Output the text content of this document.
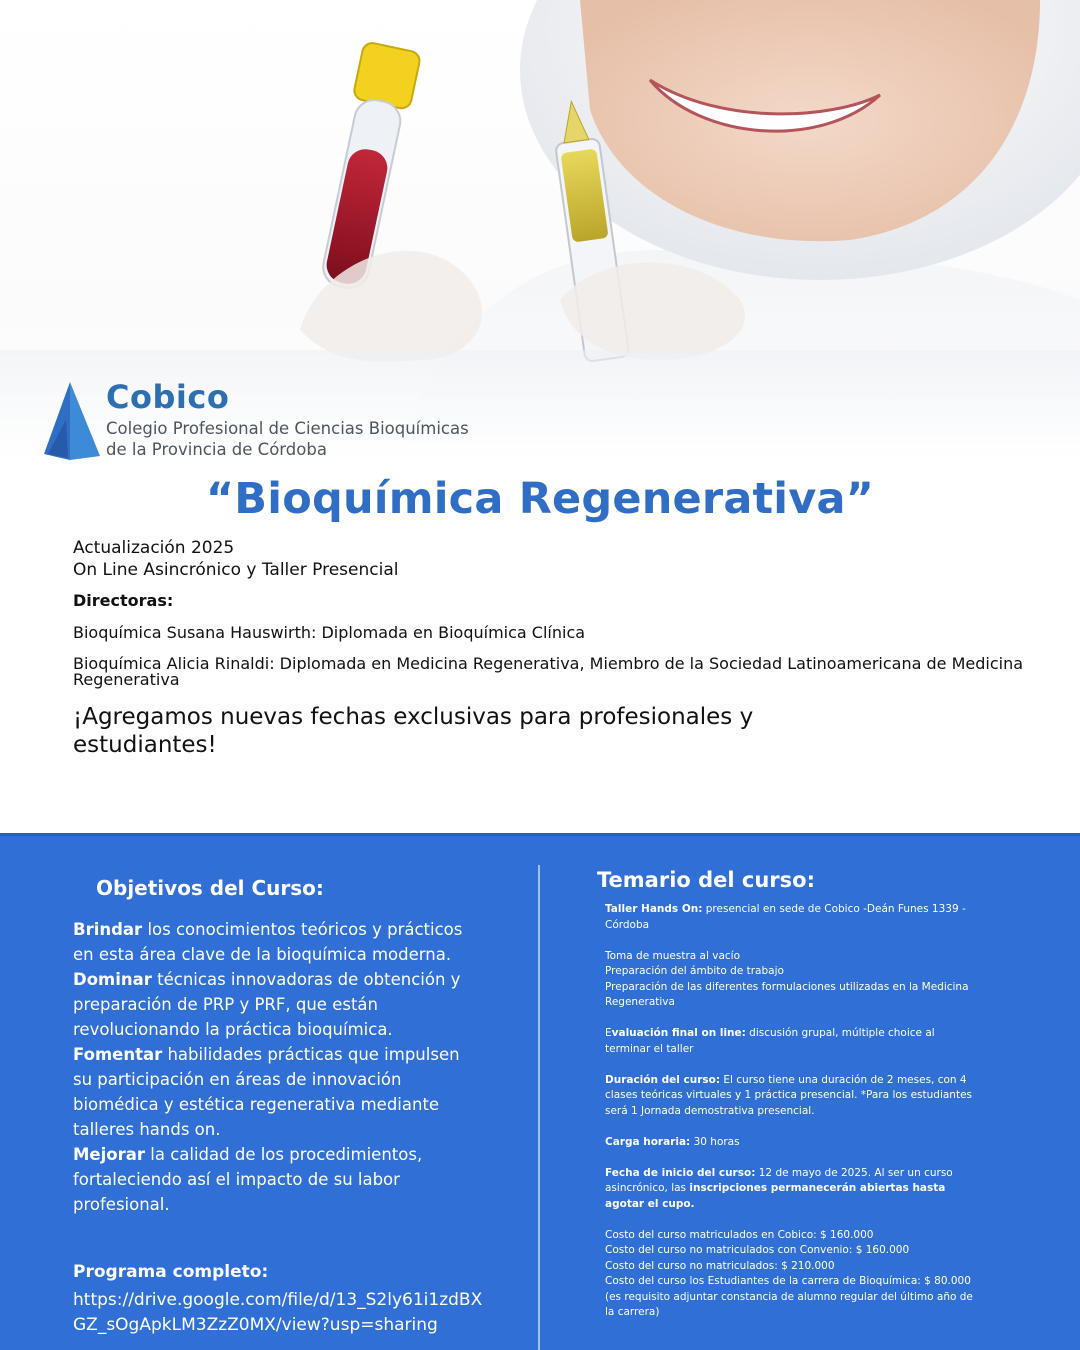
Cobico
Colegio Profesional de Ciencias Bioquímicas
de la Provincia de Córdoba
“Bioquímica Regenerativa”
Actualización 2025
On Line Asincrónico y Taller Presencial
Directoras:
Bioquímica Susana Hauswirth: Diplomada en Bioquímica Clínica
Bioquímica Alicia Rinaldi: Diplomada en Medicina Regenerativa, Miembro de la Sociedad Latinoamericana de Medicina Regenerativa
¡Agregamos nuevas fechas exclusivas para profesionales y estudiantes!
Objetivos del Curso:
Brindar los conocimientos teóricos y prácticos en esta área clave de la bioquímica moderna.
Dominar técnicas innovadoras de obtención y preparación de PRP y PRF, que están revolucionando la práctica bioquímica.
Fomentar habilidades prácticas que impulsen su participación en áreas de innovación biomédica y estética regenerativa mediante talleres hands on.
Mejorar la calidad de los procedimientos, fortaleciendo así el impacto de su labor profesional.
Programa completo:
https://drive.google.com/file/d/13_S2ly61i1zdBXGZ_sOgApkLM3ZzZ0MX/view?usp=sharing
Temario del curso:

Taller Hands On: presencial en sede de Cobico -Deán Funes 1339 - Córdoba

Toma de muestra al vacío
Preparación del ámbito de trabajo
Preparación de las diferentes formulaciones utilizadas en la Medicina Regenerativa

Evaluación final on line: discusión grupal, múltiple choice al terminar el taller

Duración del curso: El curso tiene una duración de 2 meses, con 4 clases teóricas virtuales y 1 práctica presencial. *Para los estudiantes será 1 Jornada demostrativa presencial.

Carga horaria: 30 horas

Fecha de inicio del curso: 12 de mayo de 2025. Al ser un curso asincrónico, las inscripciones permanecerán abiertas hasta agotar el cupo.

Costo del curso matriculados en Cobico: $ 160.000
Costo del curso no matriculados con Convenio: $ 160.000
Costo del curso no matriculados: $ 210.000
Costo del curso los Estudiantes de la carrera de Bioquímica: $ 80.000 (es requisito adjuntar constancia de alumno regular del último año de la carrera)
